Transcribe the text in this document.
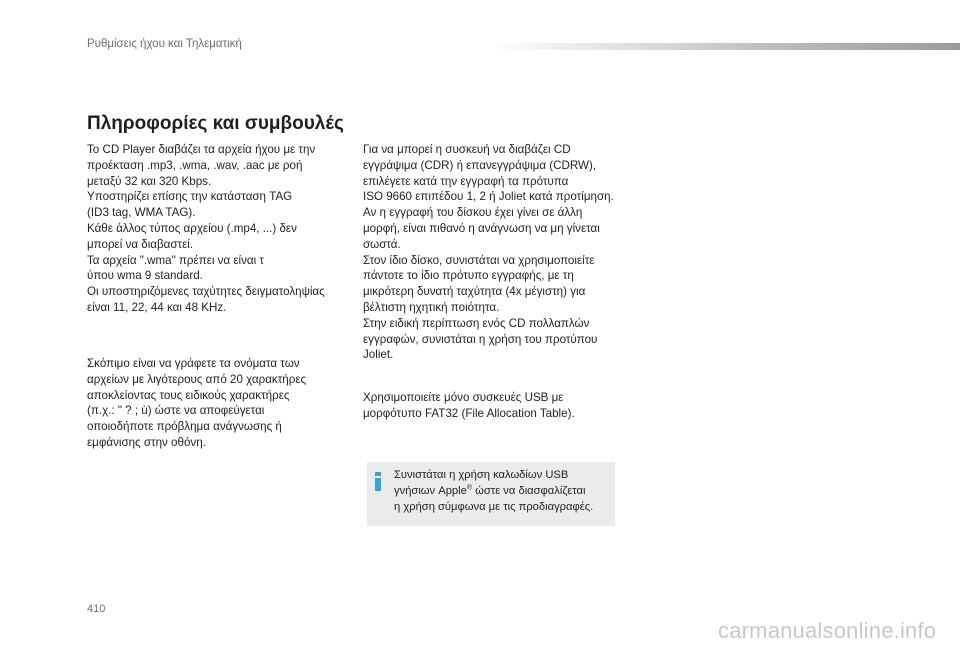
Ρυθμίσεις ήχου και Τηλεματική
Πληροφορίες και συμβουλές

Το CD Player διαβάζει τα αρχεία ήχου με την
προέκταση .mp3, .wma, .wav, .aac με ροή
μεταξύ 32 και 320 Kbps.
Υποστηρίζει επίσης την κατάσταση TAG
(ID3 tag, WMA TAG).
Κάθε άλλος τύπος αρχείου (.mp4, ...) δεν
μπορεί να διαβαστεί.
Τα αρχεία ".wma" πρέπει να είναι τ
ύπου wma 9 standard.
Οι υποστηριζόμενες ταχύτητες δειγματοληψίας
είναι 11, 22, 44 και 48 KHz.

Σκόπιμο είναι να γράφετε τα ονόματα των
αρχείων με λιγότερους από 20 χαρακτήρες
αποκλείοντας τους ειδικούς χαρακτήρες
(π.χ.: " ? ; ù) ώστε να αποφεύγεται
οποιοδήποτε πρόβλημα ανάγνωσης ή
εμφάνισης στην οθόνη.

Για να μπορεί η συσκευή να διαβάζει CD
εγγράψιμα (CDR) ή επανεγγράψιμα (CDRW),
επιλέγετε κατά την εγγραφή τα πρότυπα
ISO 9660 επιπέδου 1, 2 ή Joliet κατά προτίμηση.
Αν η εγγραφή του δίσκου έχει γίνει σε άλλη
μορφή, είναι πιθανό η ανάγνωση να μη γίνεται
σωστά.
Στον ίδιο δίσκο, συνιστάται να χρησιμοποιείτε
πάντοτε το ίδιο πρότυπο εγγραφής, με τη
μικρότερη δυνατή ταχύτητα (4x μέγιστη) για
βέλτιστη ηχητική ποιότητα.
Στην ειδική περίπτωση ενός CD πολλαπλών
εγγραφών, συνιστάται η χρήση του προτύπου
Joliet.

Χρησιμοποιείτε μόνο συσκευές USB με
μορφότυπο FAT32 (File Allocation Table).

Συνιστάται η χρήση καλωδίων USB
γνήσιων Apple® ώστε να διασφαλίζεται
η χρήση σύμφωνα με τις προδιαγραφές.

410
carmanualsonline.info
